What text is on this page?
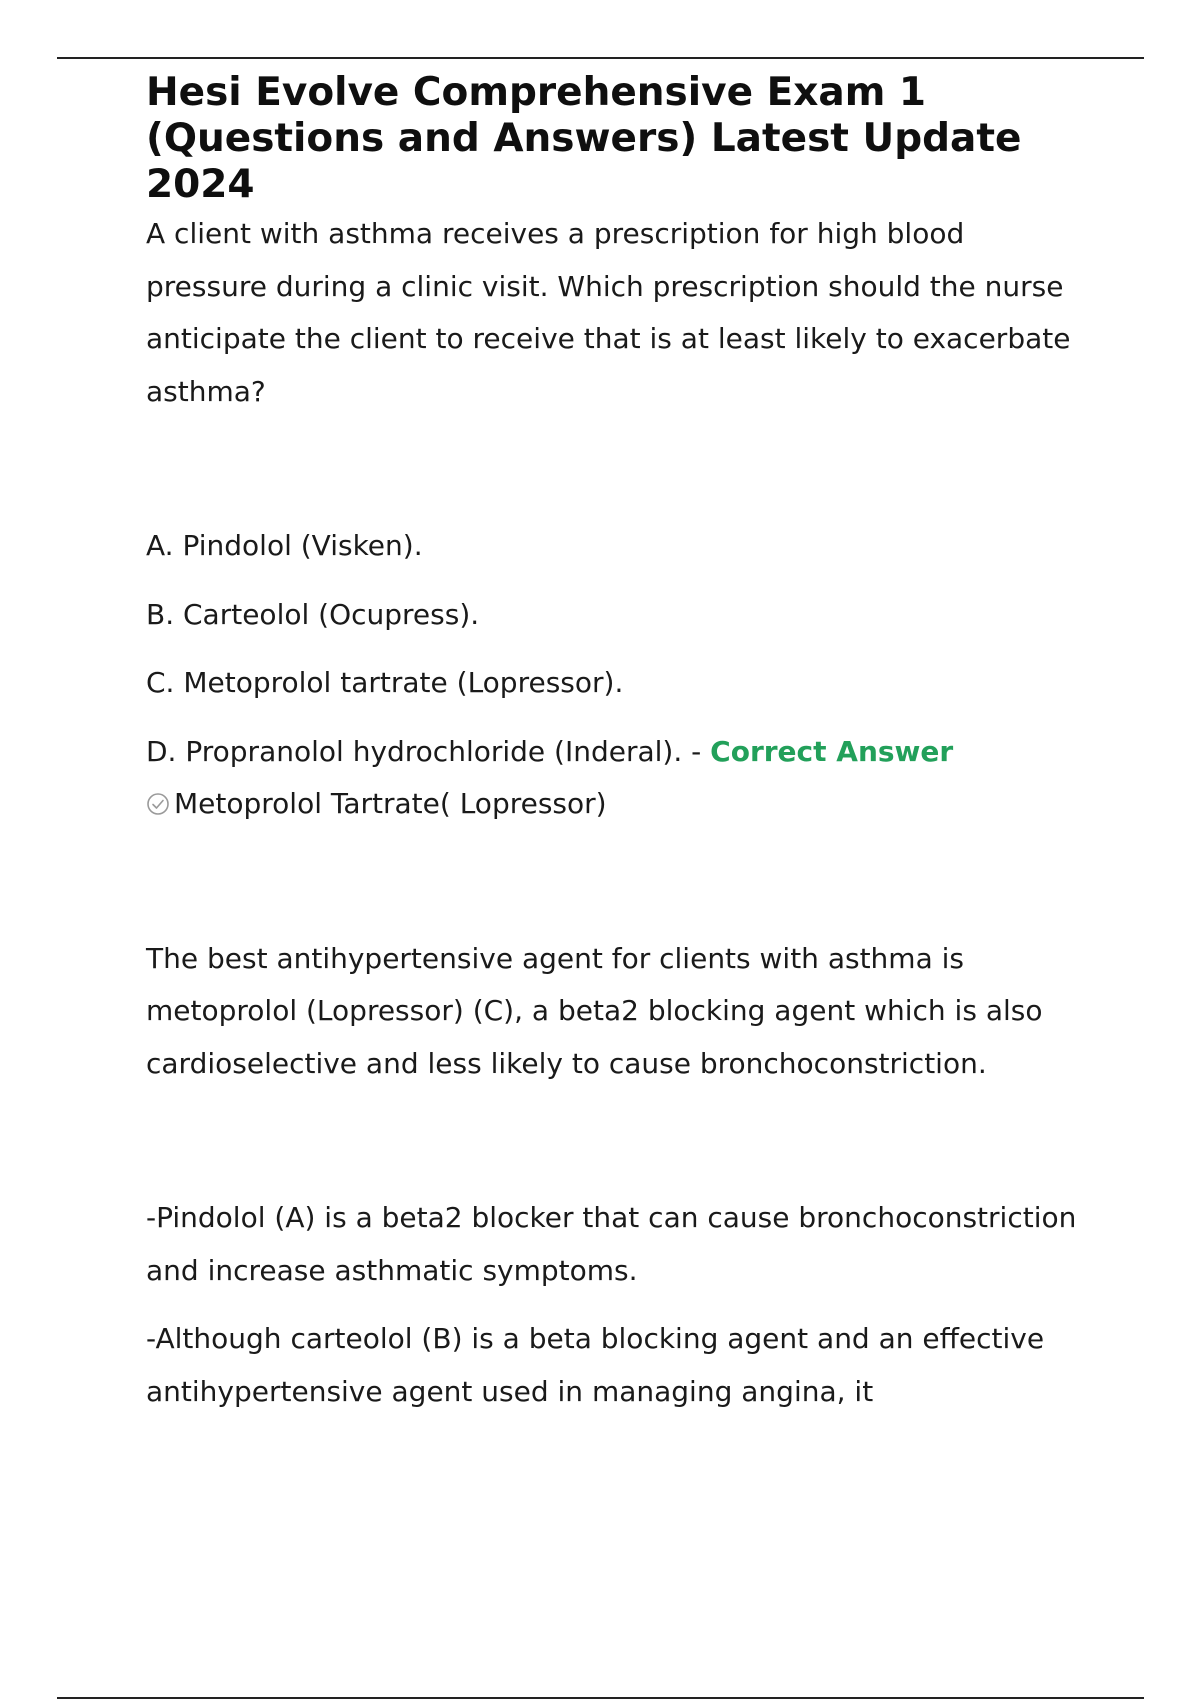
Hesi Evolve Comprehensive Exam 1 (Questions and Answers) Latest Update 2024

A client with asthma receives a prescription for high blood pressure during a clinic visit. Which prescription should the nurse anticipate the client to receive that is at least likely to exacerbate asthma?

A. Pindolol (Visken).

B. Carteolol (Ocupress).

C. Metoprolol tartrate (Lopressor).

D. Propranolol hydrochloride (Inderal). - Correct Answer
Metoprolol Tartrate( Lopressor)

The best antihypertensive agent for clients with asthma is metoprolol (Lopressor) (C), a beta2 blocking agent which is also cardioselective and less likely to cause bronchoconstriction.

-Pindolol (A) is a beta2 blocker that can cause bronchoconstriction and increase asthmatic symptoms.

-Although carteolol (B) is a beta blocking agent and an effective antihypertensive agent used in managing angina, it
